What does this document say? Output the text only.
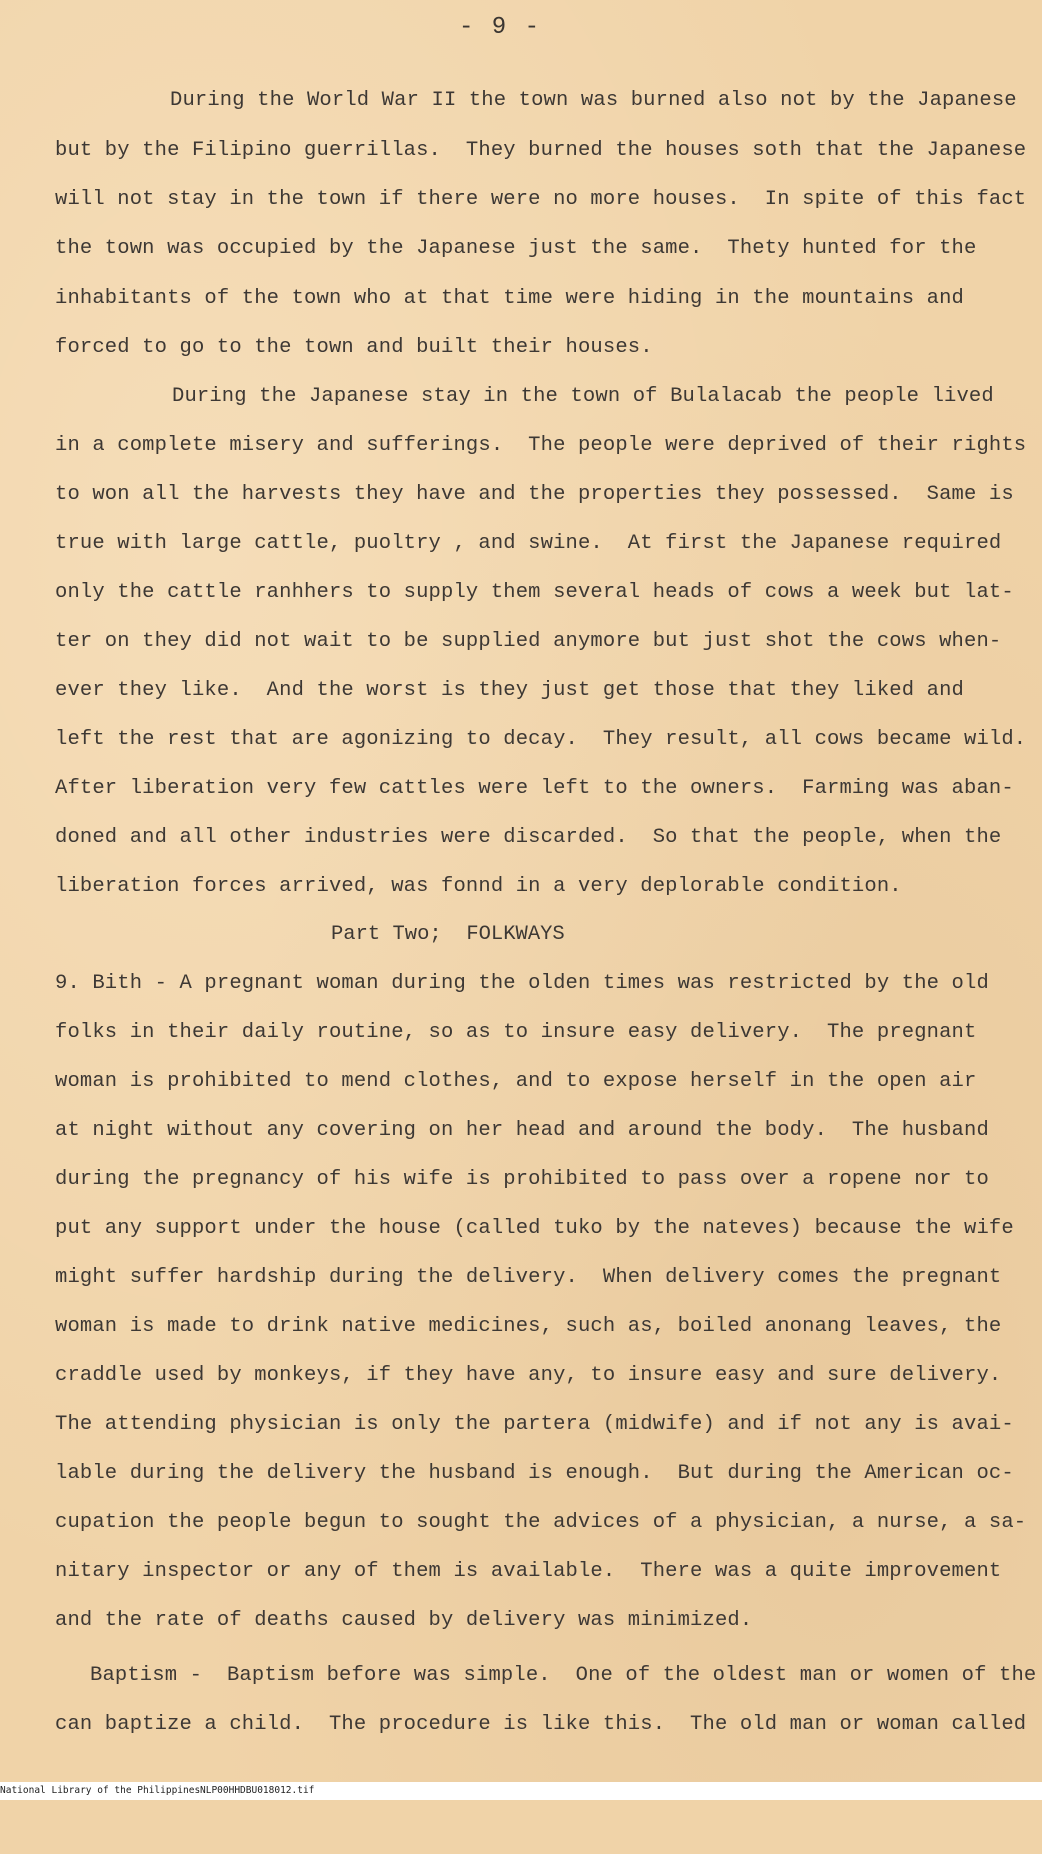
- 9 -
During the World War II the town was burned also not by the Japanese
but by the Filipino guerrillas.  They burned the houses soth that the Japanese
will not stay in the town if there were no more houses.  In spite of this fact
the town was occupied by the Japanese just the same.  Thety hunted for the
inhabitants of the town who at that time were hiding in the mountains and
forced to go to the town and built their houses.
During the Japanese stay in the town of Bulalacab the people lived
in a complete misery and sufferings.  The people were deprived of their rights
to won all the harvests they have and the properties they possessed.  Same is
true with large cattle, puoltry , and swine.  At first the Japanese required
only the cattle ranhhers to supply them several heads of cows a week but lat-
ter on they did not wait to be supplied anymore but just shot the cows when-
ever they like.  And the worst is they just get those that they liked and
left the rest that are agonizing to decay.  They result, all cows became wild.
After liberation very few cattles were left to the owners.  Farming was aban-
doned and all other industries were discarded.  So that the people, when the
liberation forces arrived, was fonnd in a very deplorable condition.
Part Two;  FOLKWAYS
9. Bith - A pregnant woman during the olden times was restricted by the old
folks in their daily routine, so as to insure easy delivery.  The pregnant
woman is prohibited to mend clothes, and to expose herself in the open air
at night without any covering on her head and around the body.  The husband
during the pregnancy of his wife is prohibited to pass over a ropene nor to
put any support under the house (called tuko by the nateves) because the wife
might suffer hardship during the delivery.  When delivery comes the pregnant
woman is made to drink native medicines, such as, boiled anonang leaves, the
craddle used by monkeys, if they have any, to insure easy and sure delivery.
The attending physician is only the partera (midwife) and if not any is avai-
lable during the delivery the husband is enough.  But during the American oc-
cupation the people begun to sought the advices of a physician, a nurse, a sa-
nitary inspector or any of them is available.  There was a quite improvement
and the rate of deaths caused by delivery was minimized.
Baptism -  Baptism before was simple.  One of the oldest man or women of the
can baptize a child.  The procedure is like this.  The old man or woman called

National Library of the Philippines

NLP00HHDBU018012.tif
